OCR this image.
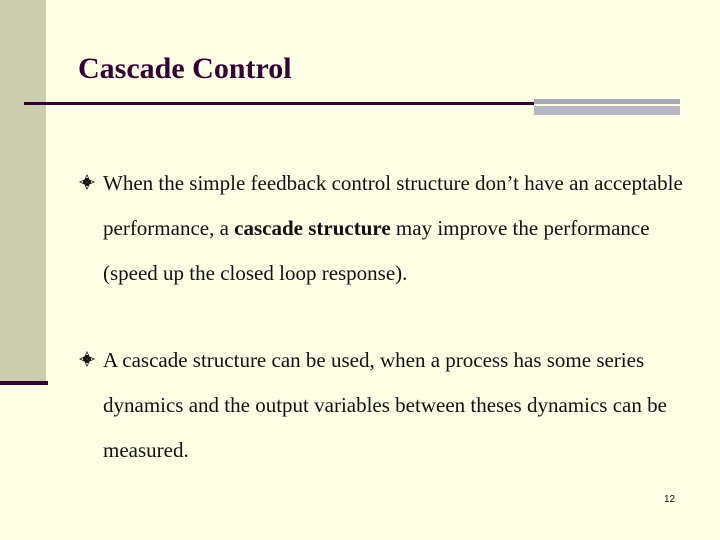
Cascade Control
When the simple feedback control structure don’t have an acceptable performance, a cascade structure may improve the performance (speed up the closed loop response).
A cascade structure can be used, when a process has some series dynamics and the output variables between theses dynamics can be measured.
12
